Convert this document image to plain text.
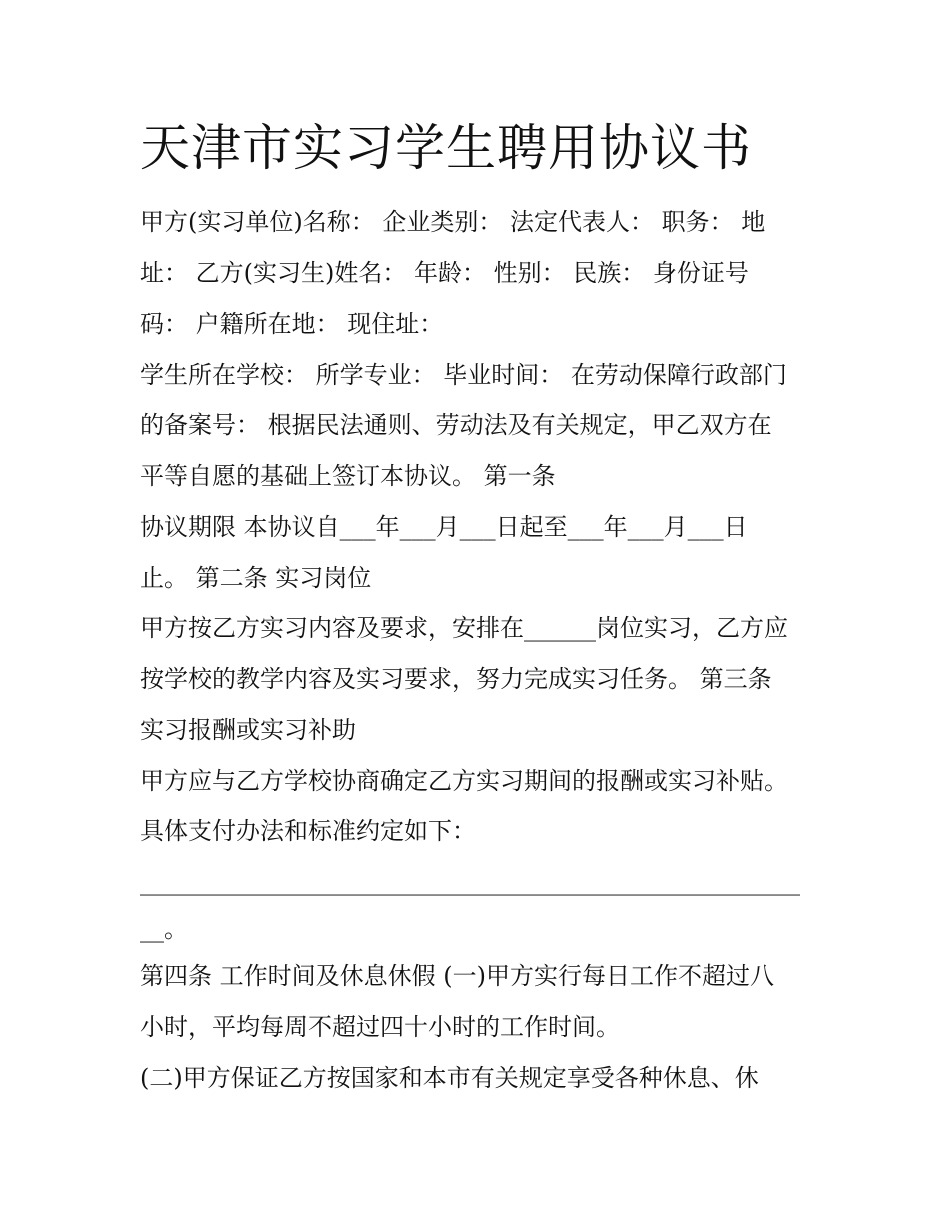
天津市实习学生聘用协议书

甲方(实习单位)名称： 企业类别： 法定代表人： 职务： 地

址： 乙方(实习生)姓名： 年龄： 性别： 民族： 身份证号

码： 户籍所在地： 现住址：

学生所在学校： 所学专业： 毕业时间： 在劳动保障行政部门

的备案号： 根据民法通则、劳动法及有关规定，甲乙双方在

平等自愿的基础上签订本协议。 第一条

协议期限 本协议自___年___月___日起至___年___月___日

止。 第二条 实习岗位

甲方按乙方实习内容及要求，安排在______岗位实习，乙方应

按学校的教学内容及实习要求，努力完成实习任务。 第三条

实习报酬或实习补助

甲方应与乙方学校协商确定乙方实习期间的报酬或实习补贴。

具体支付办法和标准约定如下：

_______________________________________________________

__。

第四条 工作时间及休息休假 (一)甲方实行每日工作不超过八

小时，平均每周不超过四十小时的工作时间。

(二)甲方保证乙方按国家和本市有关规定享受各种休息、休
